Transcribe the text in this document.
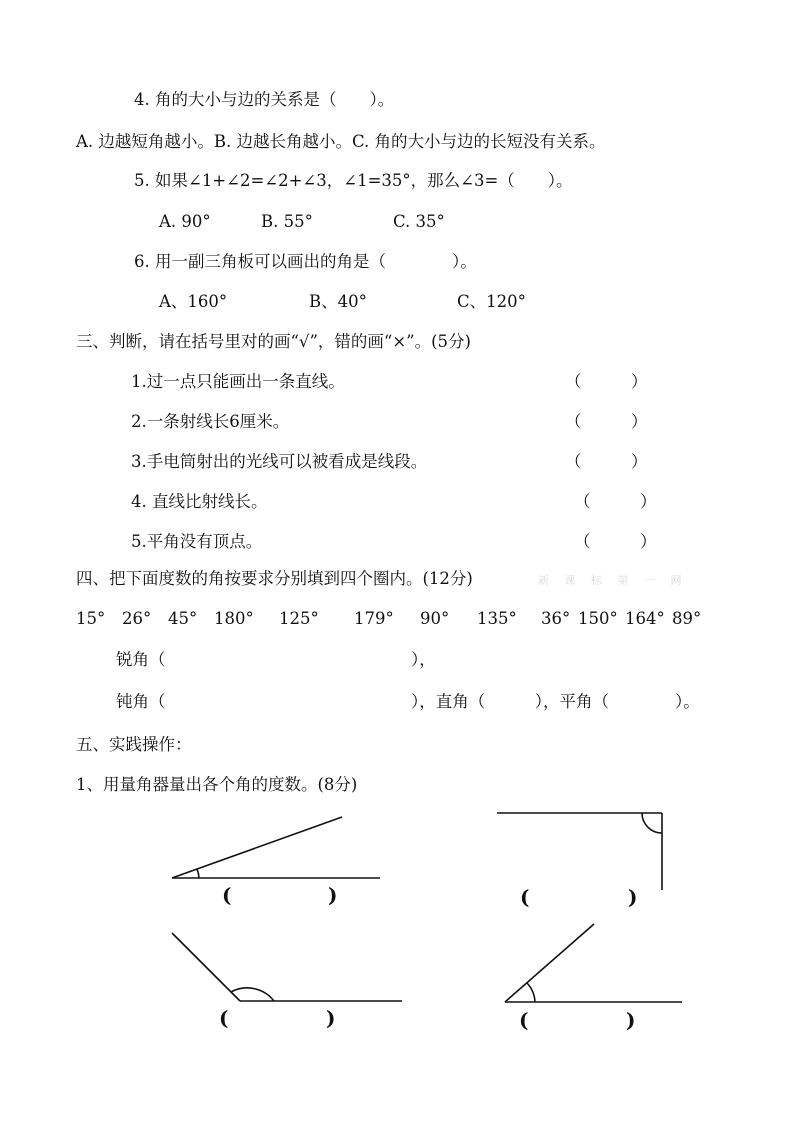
4. 角的大小与边的关系是（　　）。
A. 边越短角越小。B. 边越长角越小。C. 角的大小与边的长短没有关系。
5. 如果∠1+∠2=∠2+∠3，∠1=35°，那么∠3=（　　）。
A. 90°	B. 55°	C. 35°
6. 用一副三角板可以画出的角是（　　　　）。
A、160°	B、40°	C、120°
三、判断，请在括号里对的画“√”，错的画“×”。(5分)
1.过一点只能画出一条直线。	（　　　）
2.一条射线长6厘米。	（　　　）
3.手电筒射出的光线可以被看成是线段。	（　　　）
4. 直线比射线长。	（　　　）
5.平角没有顶点。	（　　　）
四、把下面度数的角按要求分别填到四个圈内。(12分)	新 课 标 第 一 网
15° 26° 45° 180° 125° 179° 90° 135° 36° 150° 164° 89°
锐角（	），
钝角（	），直角（　　　），平角（　　　　）。
五、实践操作：
1、用量角器量出各个角的度数。(8分)
(	)	(	)
(	)	(	)
